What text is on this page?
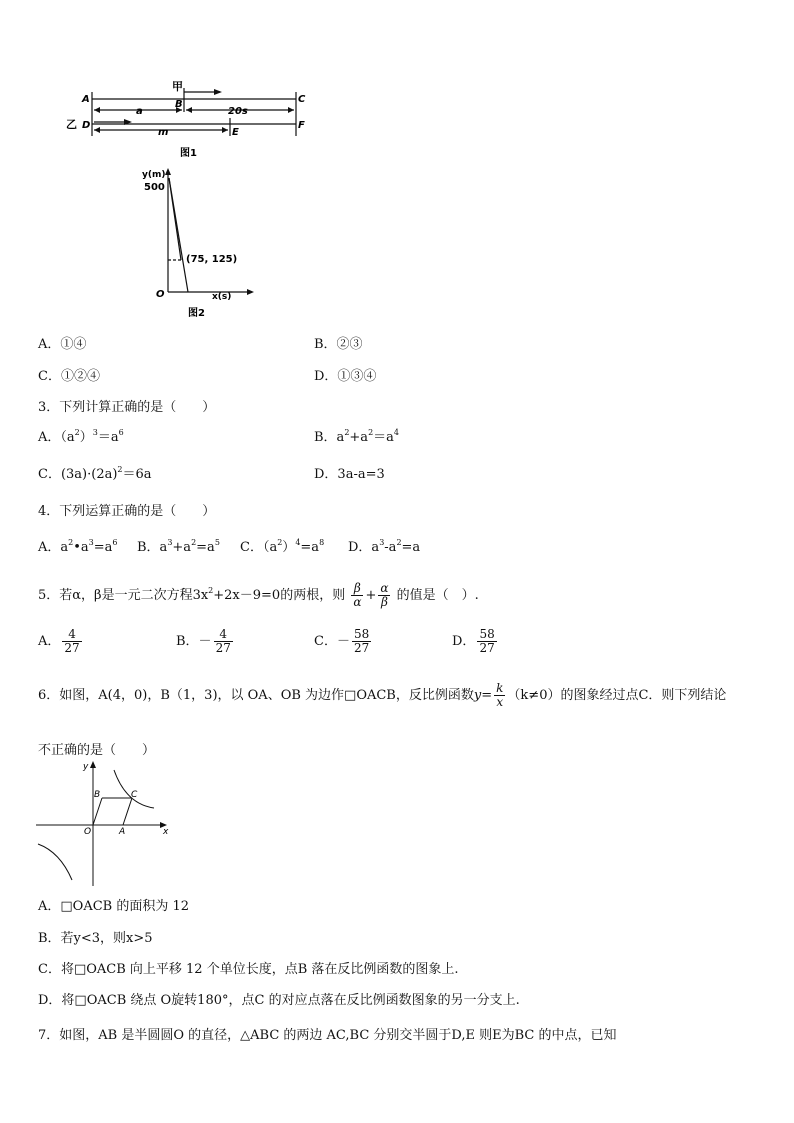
甲
A	B	C
a	20s
乙 D
E
F
m
图1
y(m)
500
(75, 125)
O	x(s)
图2
A．①④	B．②③
C．①②④	D．①③④
3．下列计算正确的是（　　）
A．$(a^2)^3=a^6$	B．$a^2+a^2=a^4$
C．$(3a)\cdot(2a)^2=6a$	D．3a-a=3
4．下列运算正确的是（　　）
A．$a^2•a^3=a^6$ B．$a^3+a^2=a^5$ C．$(a^2)^4=a^8$ D．$a^3-a^2=a$
5．若α，β是一元二次方程$3x^2+2x-9=0$的两根，则 $\frac{\beta}{\alpha} + \frac{\alpha}{\beta}$ 的值是（　）.
A． $\frac{4}{27}$	B．－ $\frac{4}{27}$	C．－ $\frac{58}{27}$	D． $\frac{58}{27}$
6．如图，A(4，0)，B（1，3)，以 OA、OB 为边作□OACB，反比例函数$y= \frac{k}{x} (k\ne 0)$的图象经过点C．则下列结论
不正确的是（　　）
y
x
O	A
B	C
A．□OACB 的面积为 12
B．若y<3，则x>5
C．将□OACB 向上平移 12 个单位长度，点B 落在反比例函数的图象上.
D．将□OACB 绕点 O旋转180°，点C 的对应点落在反比例函数图象的另一分支上.
7．如图，AB 是半圆圆O 的直径，△ABC 的两边 AC,BC 分别交半圆于D,E 则E为BC 的中点，已知
